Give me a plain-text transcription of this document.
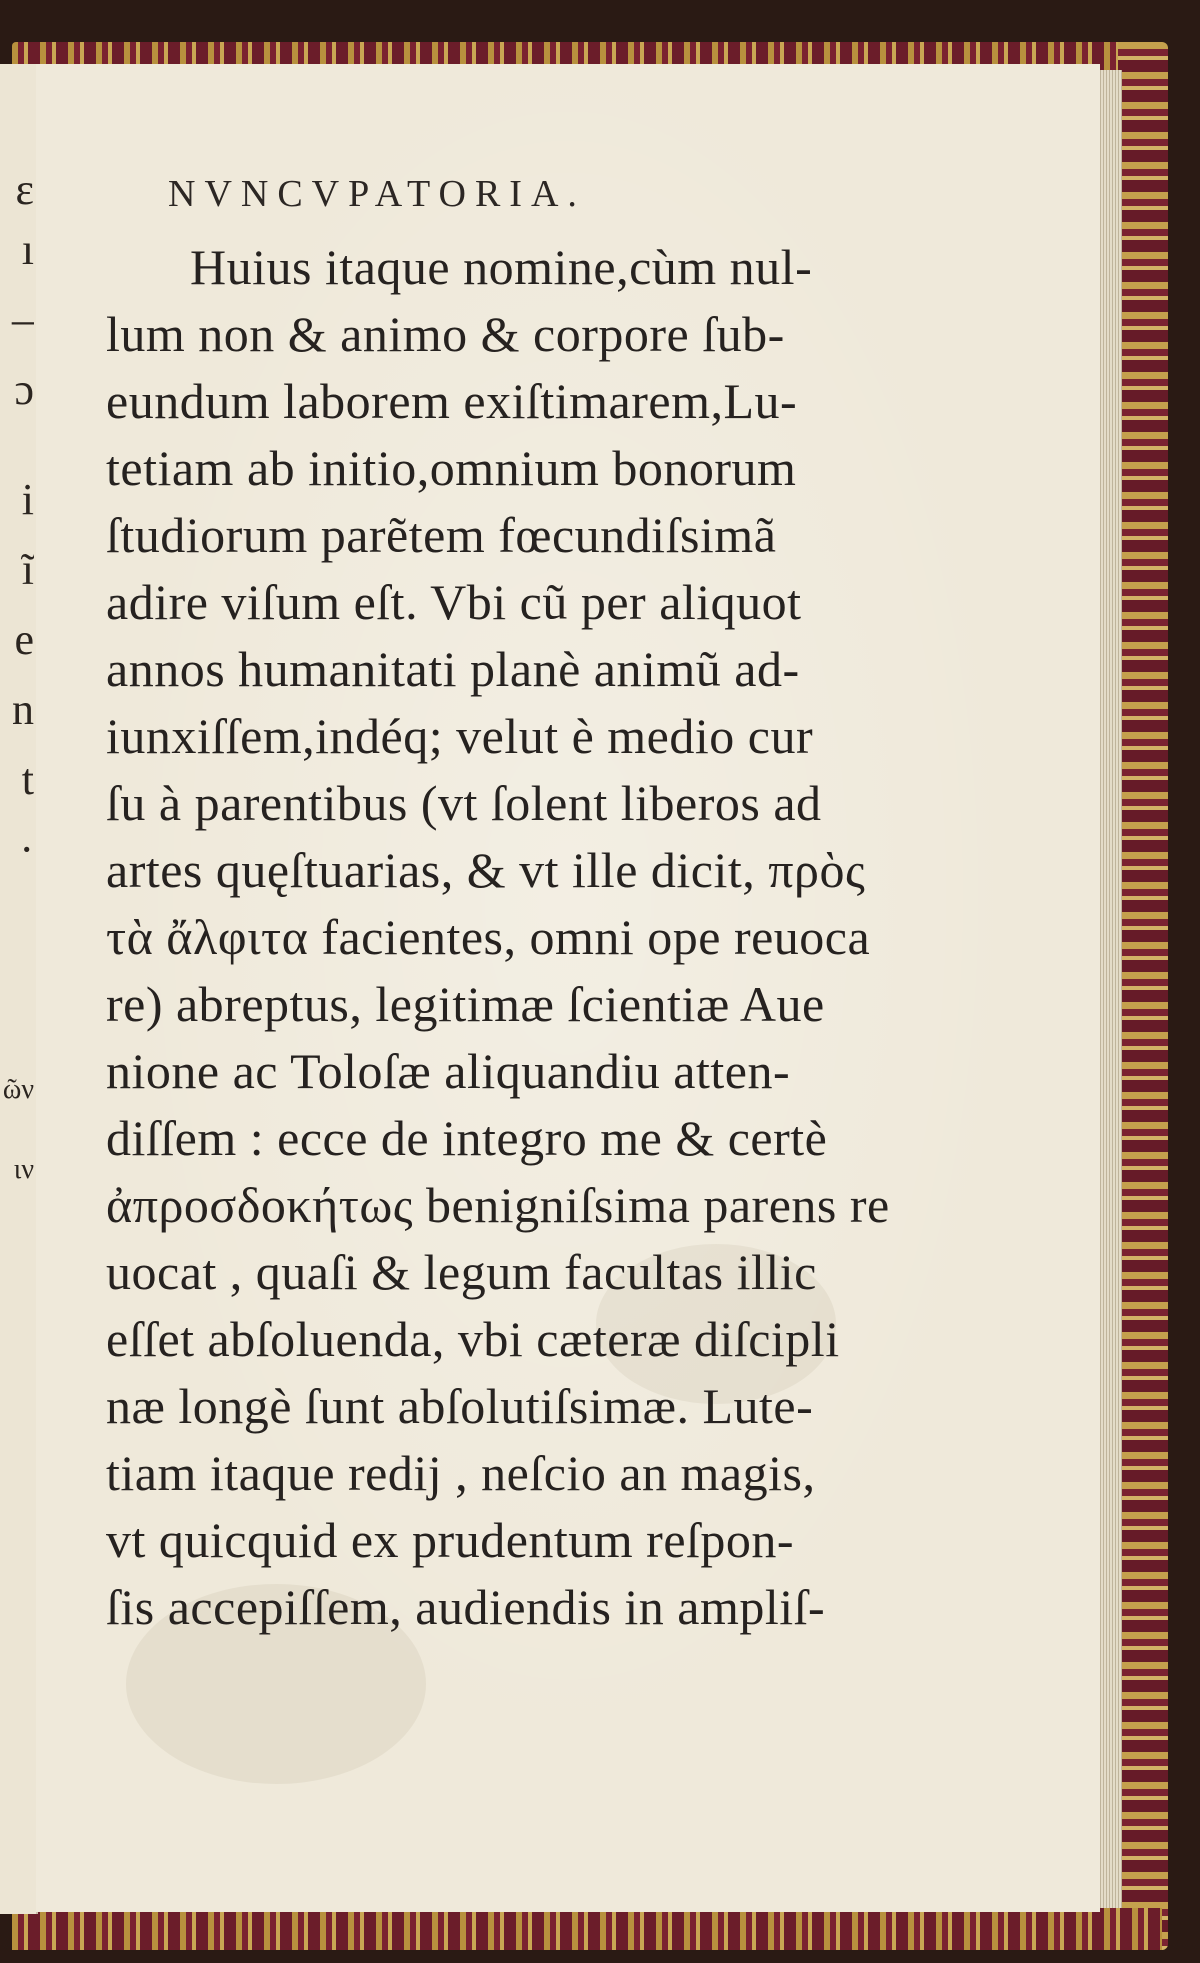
ɛ
ı
–
ɔ
i
ĩ
e
n
t
·
ῶν
ιν
NVNCVPATORIA.
Huius itaque nomine,cùm nul-
lum non & animo & corpore ſub-
eundum laborem exiſtimarem,Lu-
tetiam ab initio,omnium bonorum
ſtudiorum parẽtem fœcundiſsimã
adire viſum eſt. Vbi cũ per aliquot
annos humanitati planè animũ ad-
iunxiſſem,indéq; velut è medio cur
ſu à parentibus (vt ſolent liberos ad
artes quęſtuarias, & vt ille dicit, πρὸς
τὰ ἄλφιτα facientes, omni ope reuoca
re) abreptus, legitimæ ſcientiæ Aue
nione ac Toloſæ aliquandiu atten-
diſſem : ecce de integro me & certè
ἀπροσδοκήτως benigniſsima parens re
uocat , quaſi & legum facultas illic
eſſet abſoluenda, vbi cæteræ diſcipli
næ longè ſunt abſolutiſsimæ. Lute-
tiam itaque redij , neſcio an magis,
vt quicquid ex prudentum reſpon-
ſis accepiſſem, audiendis in ampliſ-
